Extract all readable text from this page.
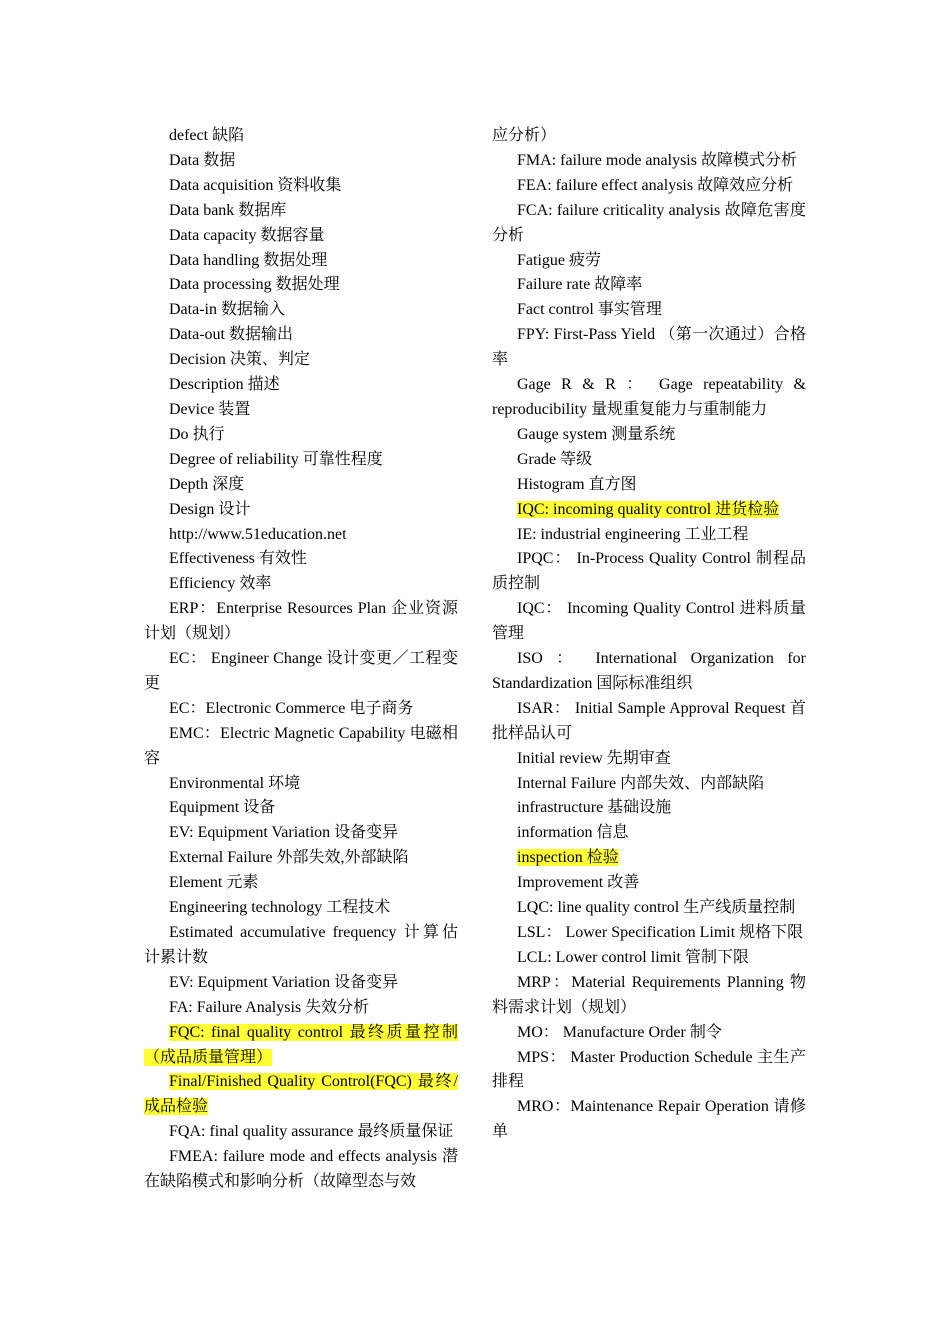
defect 缺陷

Data 数据

Data acquisition 资料收集

Data bank 数据库

Data capacity 数据容量

Data handling 数据处理

Data processing 数据处理

Data-in 数据输入

Data-out 数据输出

Decision 决策、判定

Description 描述

Device 装置

Do 执行

Degree of reliability 可靠性程度

Depth 深度

Design 设计

http://www.51education.net

Effectiveness 有效性

Efficiency 效率

ERP：Enterprise Resources Plan 企业资源计划（规划）

EC： Engineer Change 设计变更／工程变更

EC：Electronic Commerce 电子商务

EMC：Electric Magnetic Capability 电磁相容

Environmental 环境

Equipment 设备

EV: Equipment Variation 设备变异

External Failure 外部失效,外部缺陷

Element 元素

Engineering technology 工程技术

Estimated accumulative frequency 计算估计累计数

EV: Equipment Variation 设备变异

FA: Failure Analysis 失效分析

FQC: final quality control 最终质量控制（成品质量管理）

Final/Finished Quality Control(FQC) 最终/成品检验

FQA: final quality assurance 最终质量保证

FMEA: failure mode and effects analysis 潜在缺陷模式和影响分析（故障型态与效

应分析）

FMA: failure mode analysis 故障模式分析

FEA: failure effect analysis 故障效应分析

FCA: failure criticality analysis 故障危害度分析

Fatigue 疲劳

Failure rate 故障率

Fact control 事实管理

FPY: First-Pass Yield （第一次通过）合格率

Gage R & R ： Gage repeatability & reproducibility 量规重复能力与重制能力

Gauge system 测量系统

Grade 等级

Histogram 直方图

IQC: incoming quality control 进货检验

IE: industrial engineering 工业工程

IPQC： In-Process Quality Control 制程品质控制

IQC： Incoming Quality Control 进料质量管理

ISO ： International Organization for Standardization 国际标准组织

ISAR： Initial Sample Approval Request 首批样品认可

Initial review 先期审查

Internal Failure 内部失效、内部缺陷

infrastructure 基础设施

information 信息

inspection 检验

Improvement 改善

LQC: line quality control 生产线质量控制

LSL： Lower Specification Limit 规格下限

LCL: Lower control limit 管制下限

MRP：Material Requirements Planning 物料需求计划（规划）

MO： Manufacture Order 制令

MPS： Master Production Schedule 主生产排程

MRO：Maintenance Repair Operation 请修单
